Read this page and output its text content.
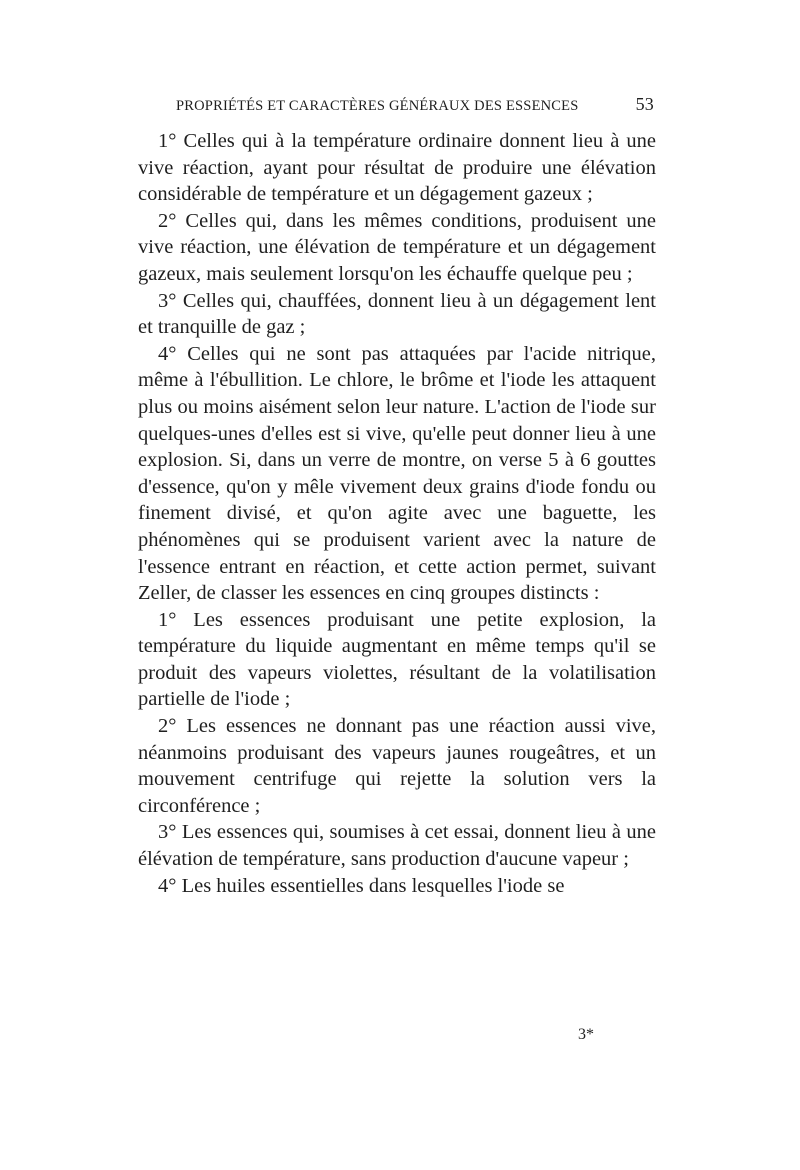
PROPRIÉTÉS ET CARACTÈRES GÉNÉRAUX DES ESSENCES	53

1° Celles qui à la température ordinaire donnent lieu à une vive réaction, ayant pour résultat de produire une élévation considérable de température et un dégagement gazeux ;

2° Celles qui, dans les mêmes conditions, produisent une vive réaction, une élévation de température et un dégagement gazeux, mais seulement lorsqu'on les échauffe quelque peu ;

3° Celles qui, chauffées, donnent lieu à un dégagement lent et tranquille de gaz ;

4° Celles qui ne sont pas attaquées par l'acide nitrique, même à l'ébullition. Le chlore, le brôme et l'iode les attaquent plus ou moins aisément selon leur nature. L'action de l'iode sur quelques-unes d'elles est si vive, qu'elle peut donner lieu à une explosion. Si, dans un verre de montre, on verse 5 à 6 gouttes d'essence, qu'on y mêle vivement deux grains d'iode fondu ou finement divisé, et qu'on agite avec une baguette, les phénomènes qui se produisent varient avec la nature de l'essence entrant en réaction, et cette action permet, suivant Zeller, de classer les essences en cinq groupes distincts :

1° Les essences produisant une petite explosion, la température du liquide augmentant en même temps qu'il se produit des vapeurs violettes, résultant de la volatilisation partielle de l'iode ;

2° Les essences ne donnant pas une réaction aussi vive, néanmoins produisant des vapeurs jaunes rougeâtres, et un mouvement centrifuge qui rejette la solution vers la circonférence ;

3° Les essences qui, soumises à cet essai, donnent lieu à une élévation de température, sans production d'aucune vapeur ;

4° Les huiles essentielles dans lesquelles l'iode se

3*
